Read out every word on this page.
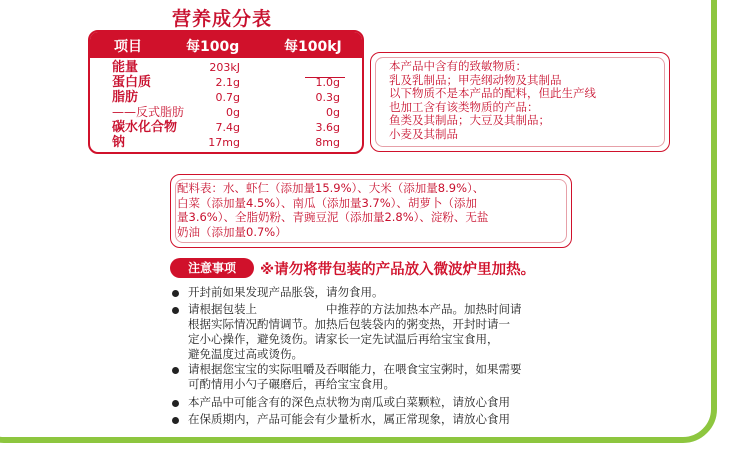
营养成分表
项目	每100g	每100kJ
能量	203kJ
蛋白质	2.1g	1.0g
脂肪	0.7g	0.3g
——反式脂肪	0g	0g
碳水化合物	7.4g	3.6g
钠	17mg	8mg
本产品中含有的致敏物质：
乳及乳制品；甲壳纲动物及其制品
以下物质不是本产品的配料，但此生产线
也加工含有该类物质的产品：
鱼类及其制品；大豆及其制品；
小麦及其制品
配料表：水、虾仁（添加量15.9%）、大米（添加量8.9%）、
白菜（添加量4.5%）、南瓜（添加量3.7%）、胡萝卜（添加
量3.6%）、全脂奶粉、青豌豆泥（添加量2.8%）、淀粉、无盐
奶油（添加量0.7%）
注意事项	※请勿将带包装的产品放入微波炉里加热。
开封前如果发现产品胀袋，请勿食用。
请根据包装上　　　　　　中推荐的方法加热本产品。加热时间请
根据实际情况酌情调节。加热后包装袋内的粥变热，开封时请一
定小心操作，避免烫伤。请家长一定先试温后再给宝宝食用，
避免温度过高或烫伤。
请根据您宝宝的实际咀嚼及吞咽能力，在喂食宝宝粥时，如果需要
可酌情用小勺子碾磨后，再给宝宝食用。
本产品中可能含有的深色点状物为南瓜或白菜颗粒，请放心食用
在保质期内，产品可能会有少量析水，属正常现象，请放心食用
